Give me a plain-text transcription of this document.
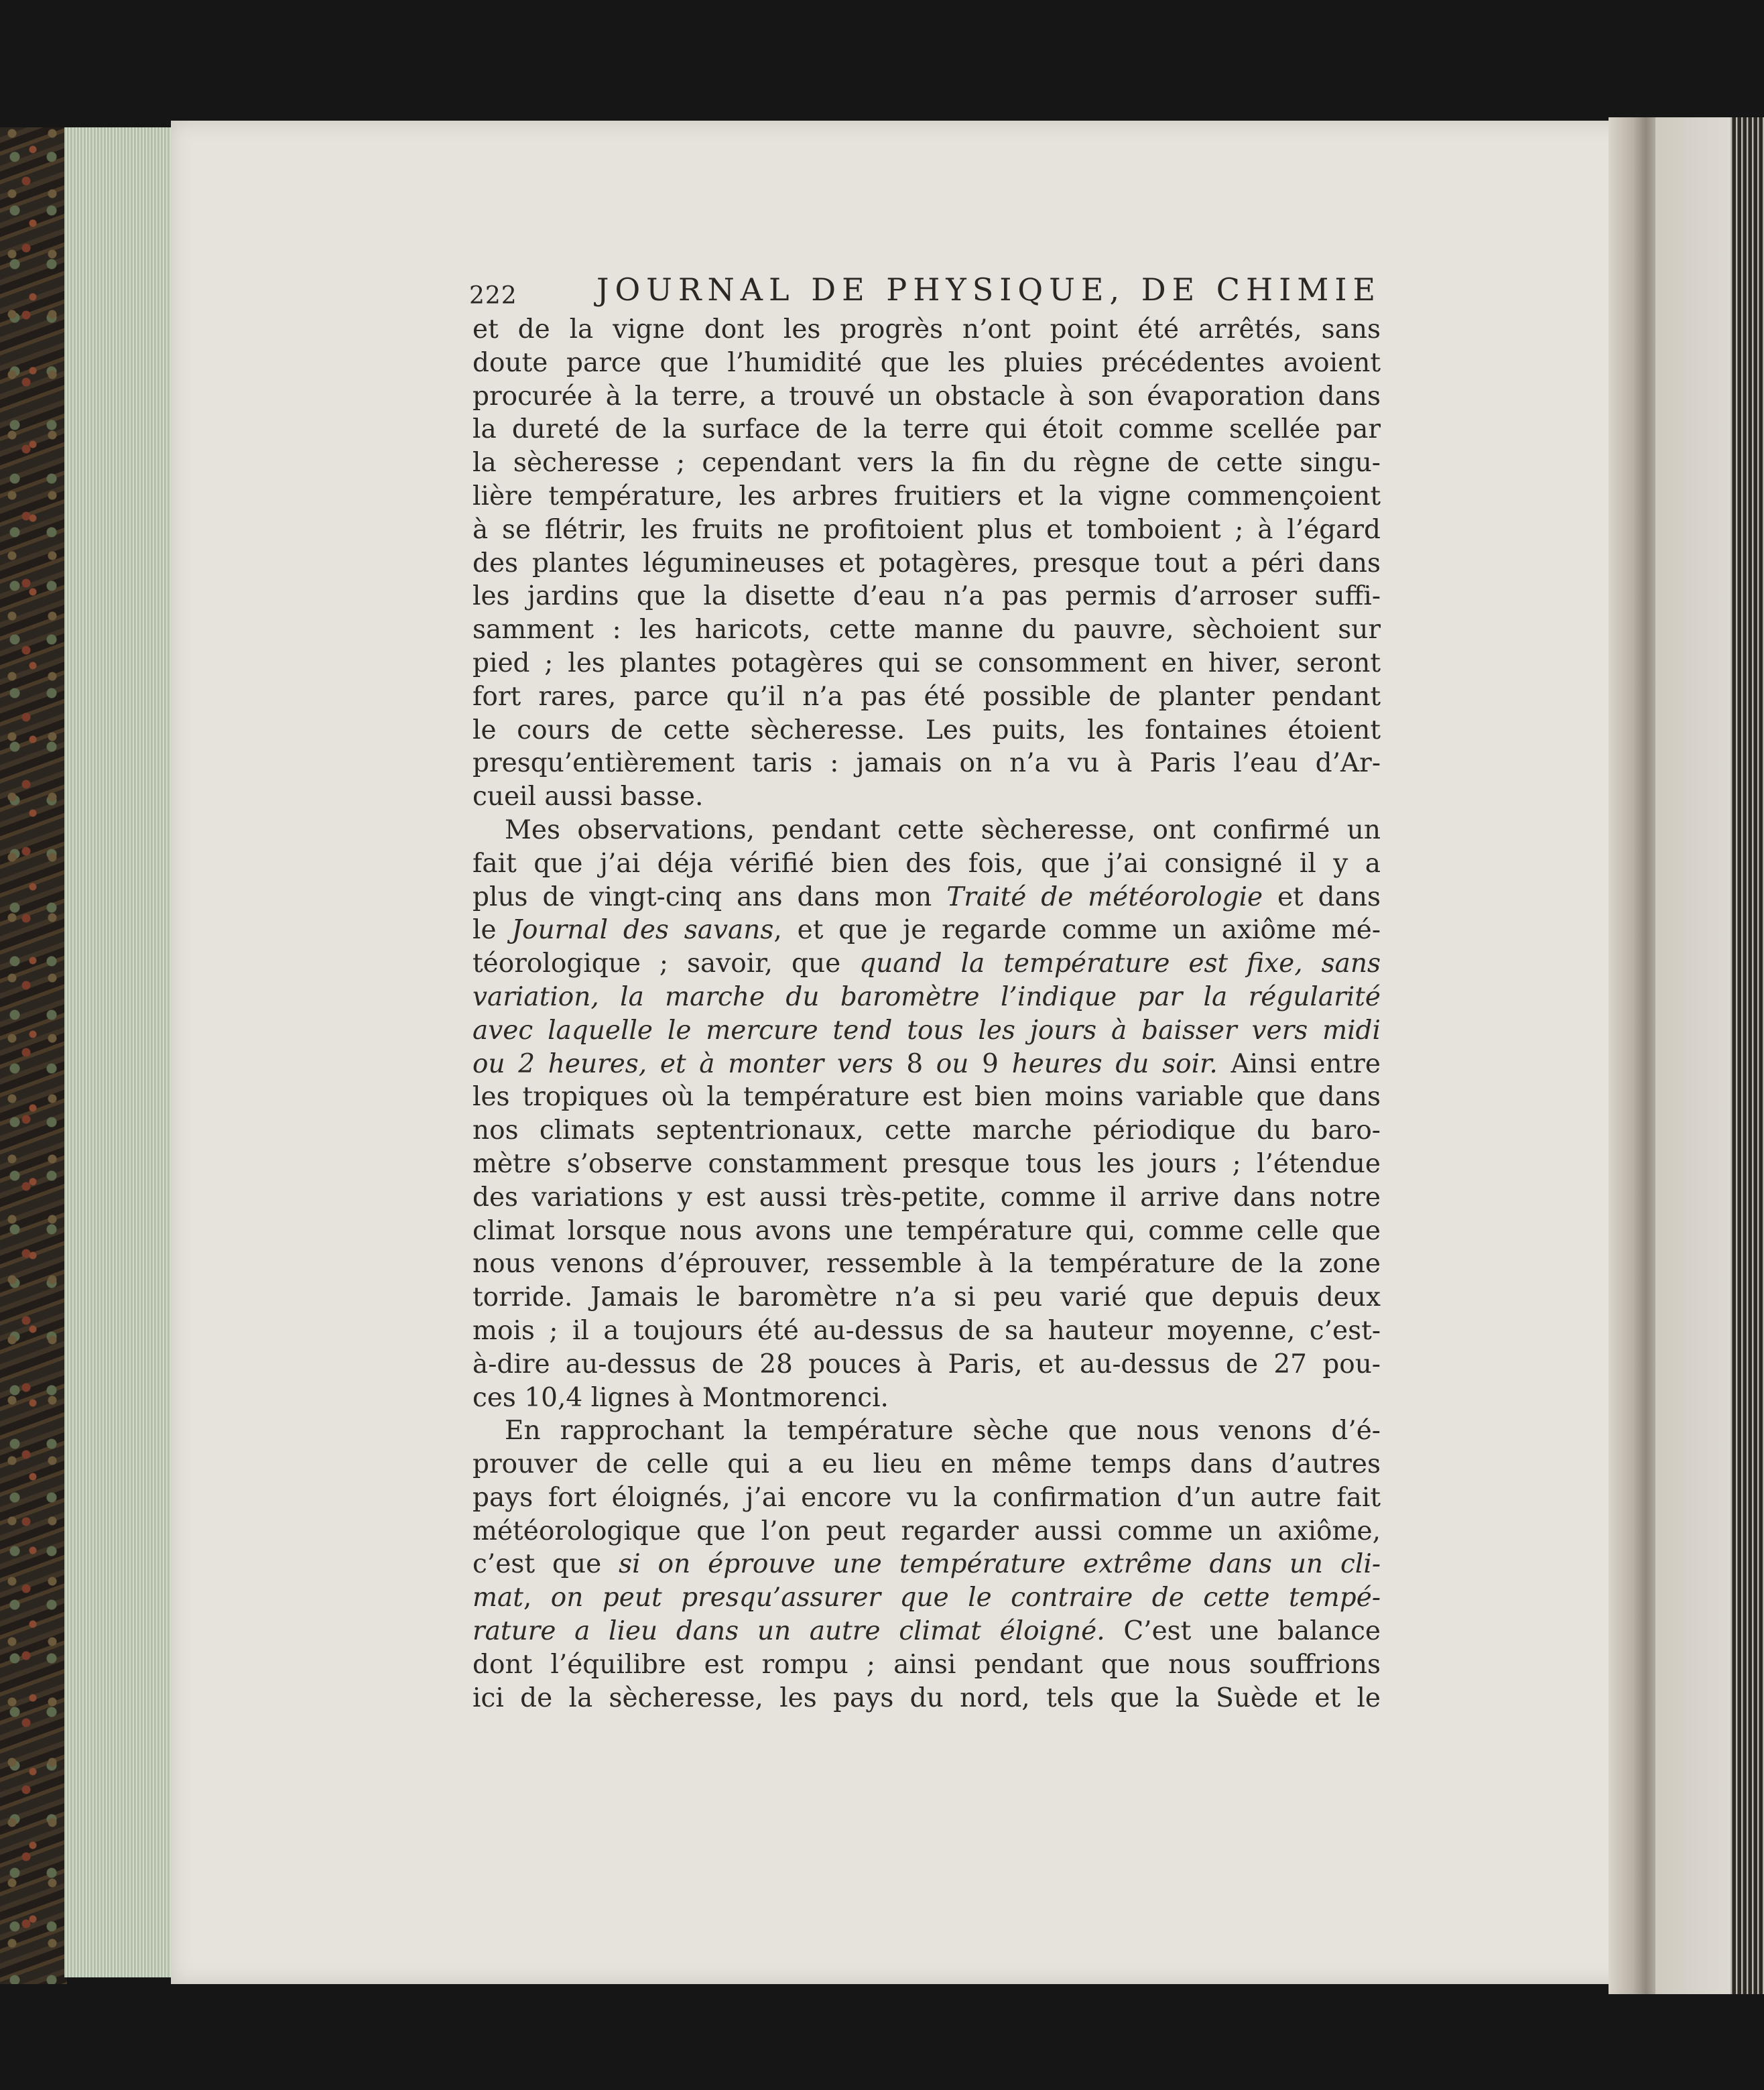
222	JOURNAL DE PHYSIQUE, DE CHIMIE
et de la vigne dont les progrès n’ont point été arrêtés, sans
doute parce que l’humidité que les pluies précédentes avoient
procurée à la terre, a trouvé un obstacle à son évaporation dans
la dureté de la surface de la terre qui étoit comme scellée par
la sècheresse ; cependant vers la fin du règne de cette singu-
lière température, les arbres fruitiers et la vigne commençoient
à se flétrir, les fruits ne profitoient plus et tomboient ; à l’égard
des plantes légumineuses et potagères, presque tout a péri dans
les jardins que la disette d’eau n’a pas permis d’arroser suffi-
samment : les haricots, cette manne du pauvre, sèchoient sur
pied ; les plantes potagères qui se consomment en hiver, seront
fort rares, parce qu’il n’a pas été possible de planter pendant
le cours de cette sècheresse. Les puits, les fontaines étoient
presqu’entièrement taris : jamais on n’a vu à Paris l’eau d’Ar-
cueil aussi basse.
Mes observations, pendant cette sècheresse, ont confirmé un
fait que j’ai déja vérifié bien des fois, que j’ai consigné il y a
plus de vingt-cinq ans dans mon Traité de météorologie et dans
le Journal des savans, et que je regarde comme un axiôme mé-
téorologique ; savoir, que quand la température est fixe, sans
variation, la marche du baromètre l’indique par la régularité
avec laquelle le mercure tend tous les jours à baisser vers midi
ou 2 heures, et à monter vers 8 ou 9 heures du soir. Ainsi entre
les tropiques où la température est bien moins variable que dans
nos climats septentrionaux, cette marche périodique du baro-
mètre s’observe constamment presque tous les jours ; l’étendue
des variations y est aussi très-petite, comme il arrive dans notre
climat lorsque nous avons une température qui, comme celle que
nous venons d’éprouver, ressemble à la température de la zone
torride. Jamais le baromètre n’a si peu varié que depuis deux
mois ; il a toujours été au-dessus de sa hauteur moyenne, c’est-
à-dire au-dessus de 28 pouces à Paris, et au-dessus de 27 pou-
ces 10,4 lignes à Montmorenci.
En rapprochant la température sèche que nous venons d’é-
prouver de celle qui a eu lieu en même temps dans d’autres
pays fort éloignés, j’ai encore vu la confirmation d’un autre fait
météorologique que l’on peut regarder aussi comme un axiôme,
c’est que si on éprouve une température extrême dans un cli-
mat, on peut presqu’assurer que le contraire de cette tempé-
rature a lieu dans un autre climat éloigné. C’est une balance
dont l’équilibre est rompu ; ainsi pendant que nous souffrions
ici de la sècheresse, les pays du nord, tels que la Suède et le
